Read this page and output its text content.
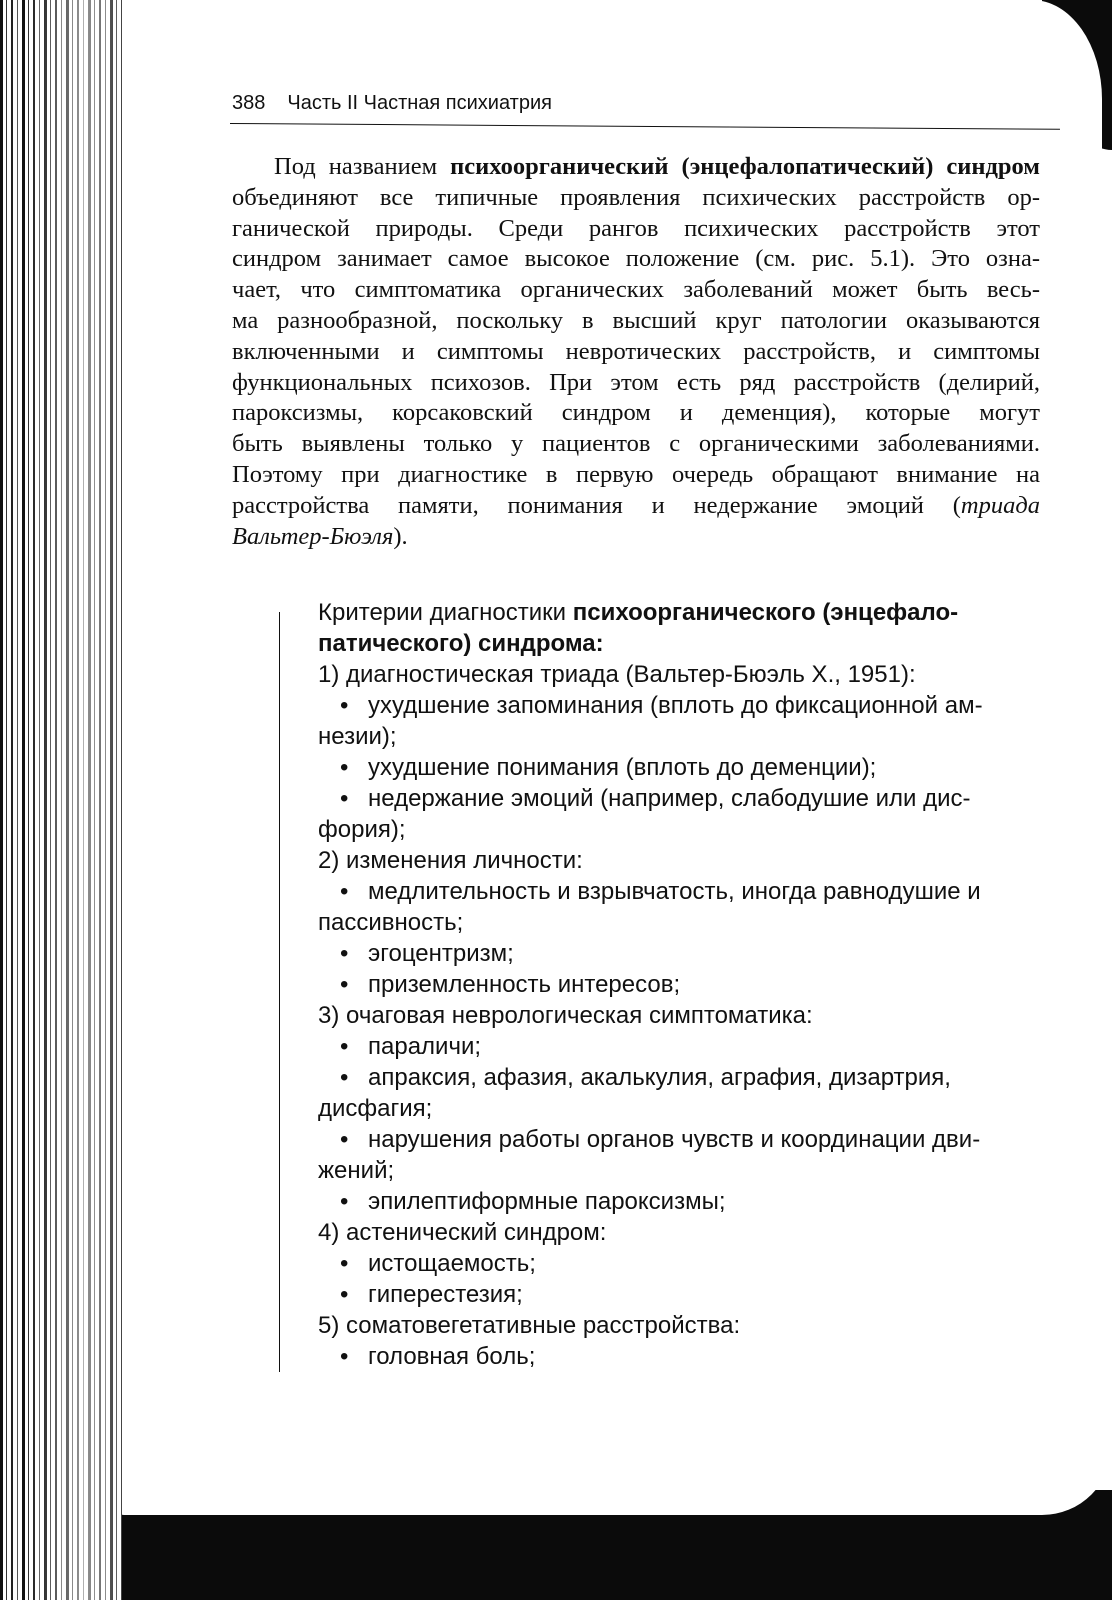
388 Часть II Частная психиатрия
Под названием психоорганический (энцефалопатический) синдром
объединяют все типичные проявления психических расстройств ор-
ганической природы. Среди рангов психических расстройств этот
синдром занимает самое высокое положение (см. рис. 5.1). Это озна-
чает, что симптоматика органических заболеваний может быть весь-
ма разнообразной, поскольку в высший круг патологии оказываются
включенными и симптомы невротических расстройств, и симптомы
функциональных психозов. При этом есть ряд расстройств (делирий,
пароксизмы, корсаковский синдром и деменция), которые могут
быть выявлены только у пациентов с органическими заболеваниями.
Поэтому при диагностике в первую очередь обращают внимание на
расстройства памяти, понимания и недержание эмоций (триада
Вальтер-Бюэля).
Критерии диагностики психоорганического (энцефало-
патического) синдрома:
1) диагностическая триада (Вальтер-Бюэль Х., 1951):
• ухудшение запоминания (вплоть до фиксационной ам-
незии);
• ухудшение понимания (вплоть до деменции);
• недержание эмоций (например, слабодушие или дис-
фория);
2) изменения личности:
• медлительность и взрывчатость, иногда равнодушие и
пассивность;
• эгоцентризм;
• приземленность интересов;
3) очаговая неврологическая симптоматика:
• параличи;
• апраксия, афазия, акалькулия, аграфия, дизартрия,
дисфагия;
• нарушения работы органов чувств и координации дви-
жений;
• эпилептиформные пароксизмы;
4) астенический синдром:
• истощаемость;
• гиперестезия;
5) соматовегетативные расстройства:
• головная боль;
